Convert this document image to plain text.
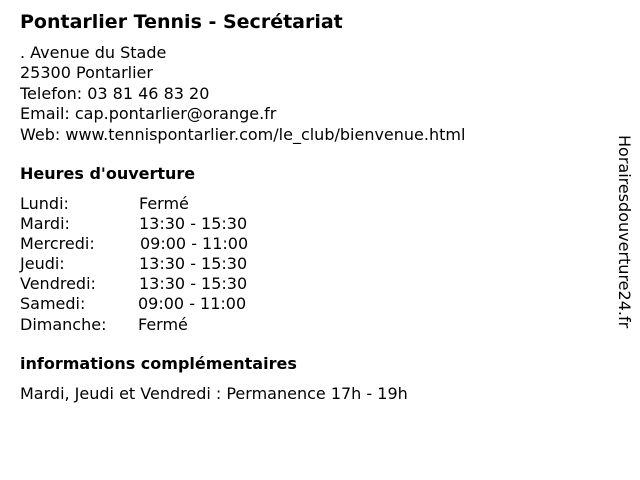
Pontarlier Tennis - Secrétariat
. Avenue du Stade
25300 Pontarlier
Telefon: 03 81 46 83 20
Email: cap.pontarlier@orange.fr
Web: www.tennispontarlier.com/le_club/bienvenue.html
Heures d'ouverture
Lundi:	Fermé
Mardi:	13:30 - 15:30
Mercredi:	09:00 - 11:00
Jeudi:	13:30 - 15:30
Vendredi:	13:30 - 15:30
Samedi:	09:00 - 11:00
Dimanche: Fermé
informations complémentaires
Mardi, Jeudi et Vendredi : Permanence 17h - 19h
Horairesdouverture24.fr
